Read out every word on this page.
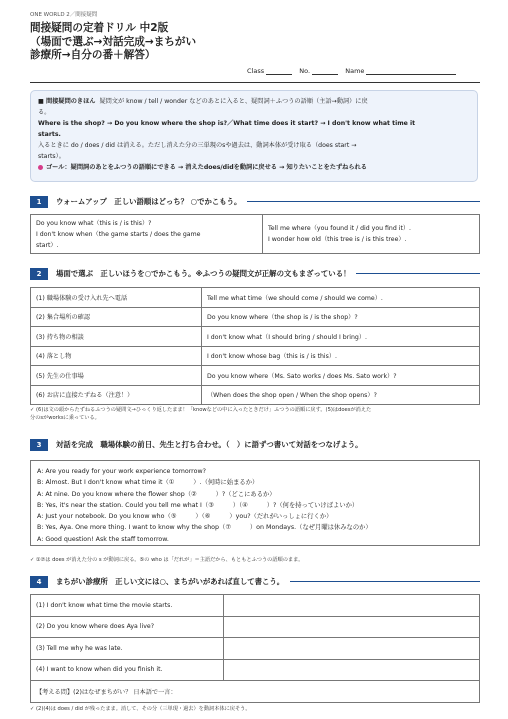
ONE WORLD 2／間接疑問
間接疑問の定着ドリル 中2版
（場面で選ぶ→対話完成→まちがい
診療所→自分の番＋解答）
Class	No.	Name
■ 間接疑問のきほん 疑問文が know / tell / wonder などのあとに入ると、疑問詞＋ふつうの語順（主語→動詞）に戻
る。
Where is the shop? → Do you know where the shop is?／What time does it start? → I don't know what time it
starts.
入るときに do / does / did は消える。ただし消えた分の三単現のsや過去は、動詞本体が受け取る（does start →
starts）。
ゴール：疑問詞のあとをふつうの語順にできる → 消えたdoes/didを動詞に戻せる → 知りたいことをたずねられる
1	ウォームアップ　正しい語順はどっち？ ○でかこもう。
Do you know what（this is / is this）?
I don't know when（the game starts / does the game
start）.

Tell me where（you found it / did you find it）.
I wonder how old（this tree is / is this tree）.
2	場面で選ぶ　正しいほうを○でかこもう。※ふつうの疑問文が正解の文もまざっている！
(1) 職場体験の受け入れ先へ電話	Tell me what time（we should come / should we come）.
(2) 集合場所の確認	Do you know where（the shop is / is the shop）?
(3) 持ち物の相談	I don't know what（I should bring / should I bring）.
(4) 落とし物	I don't know whose bag（this is / is this）.
(5) 先生の仕事場	Do you know where（Ms. Sato works / does Ms. Sato work）?
(6) お店に直接たずねる（注意！）	（When does the shop open / When the shop opens）?
✓ (6)は文の頭からたずねるふつうの疑問文→ひっくり返したまま！「knowなどの中に入ったときだけ」ふつうの語順に戻す。(5)はdoesが消えた
分のsがworksに乗っている。
3	対話を完成　職場体験の前日、先生と打ち合わせ。（　）に語ずつ書いて対話をつなげよう。
A: Are you ready for your work experience tomorrow?
B: Almost. But I don't know what time it（①　　　）.（何時に始まるか）
A: At nine. Do you know where the flower shop（②　　　）?（どこにあるか）
B: Yes, it's near the station. Could you tell me what I（③　　　）（④　　　）?（何を持っていけばよいか）
A: Just your notebook. Do you know who（⑤　　　）（⑥　　　）you?（だれがいっしょに行くか）
B: Yes, Aya. One more thing. I want to know why the shop（⑦　　　）on Mondays.（なぜ月曜は休みなのか）
A: Good question! Ask the staff tomorrow.
✓ ①⑦は does が消えた分の s が動詞に戻る。⑤の who は「だれが」＝主語だから、もともとふつうの語順のまま。
4	まちがい診療所　正しい文には○、まちがいがあれば直して書こう。
(1) I don't know what time the movie starts.	
(2) Do you know where does Aya live?	
(3) Tell me why he was late.	
(4) I want to know when did you finish it.	
【考える問】(2)はなぜまちがい？ 日本語で一言：	
✓ (2)(4)は does / did が残ったまま。消して、その分（三単現・過去）を動詞本体に戻そう。
